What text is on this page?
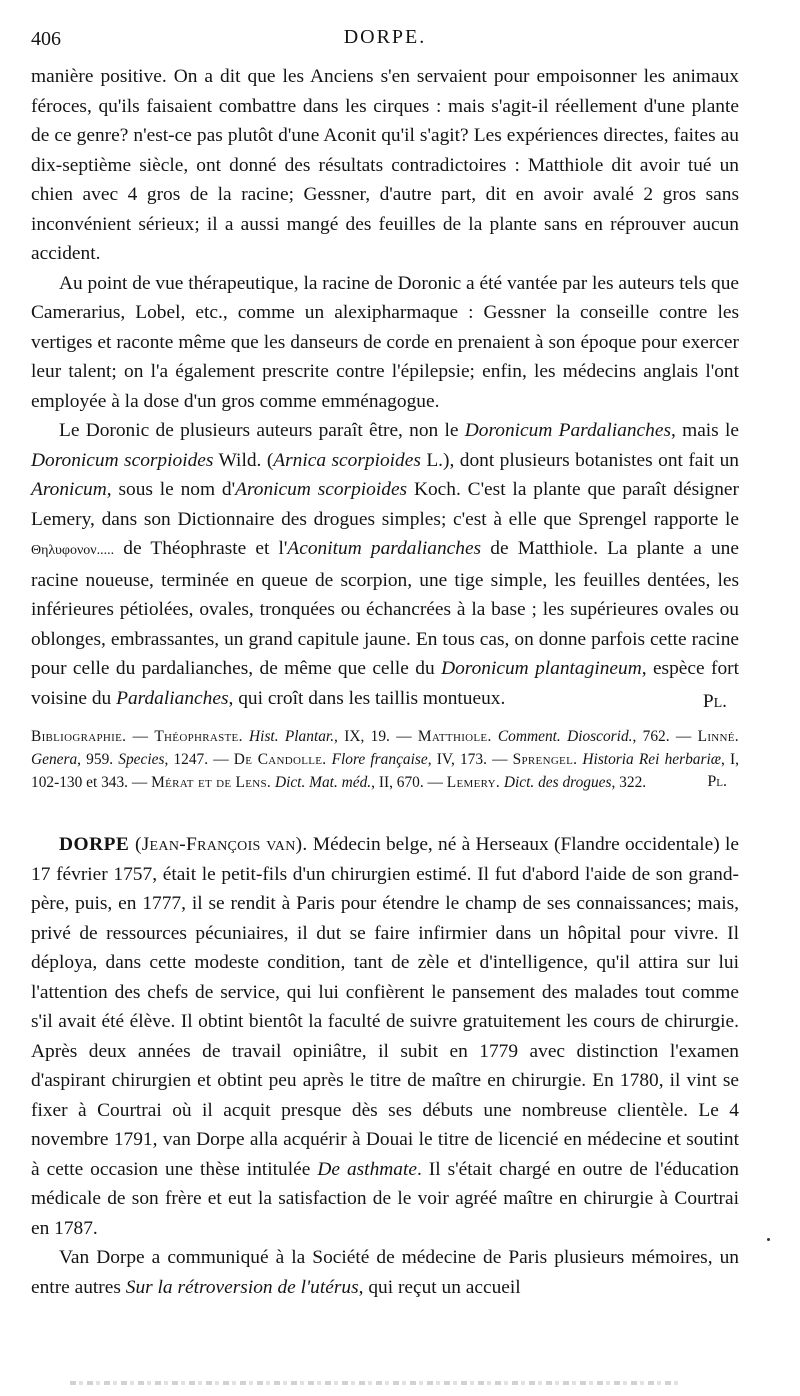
406	DORPE.

manière positive. On a dit que les Anciens s'en servaient pour empoisonner les animaux féroces, qu'ils faisaient combattre dans les cirques : mais s'agit-il réellement d'une plante de ce genre? n'est-ce pas plutôt d'une Aconit qu'il s'agit? Les expériences directes, faites au dix-septième siècle, ont donné des résultats contradictoires : Matthiole dit avoir tué un chien avec 4 gros de la racine; Gessner, d'autre part, dit en avoir avalé 2 gros sans inconvénient sérieux; il a aussi mangé des feuilles de la plante sans en réprouver aucun accident.

Au point de vue thérapeutique, la racine de Doronic a été vantée par les auteurs tels que Camerarius, Lobel, etc., comme un alexipharmaque : Gessner la conseille contre les vertiges et raconte même que les danseurs de corde en prenaient à son époque pour exercer leur talent; on l'a également prescrite contre l'épilepsie; enfin, les médecins anglais l'ont employée à la dose d'un gros comme emménagogue.

Le Doronic de plusieurs auteurs paraît être, non le Doronicum Pardalianches, mais le Doronicum scorpioides Wild. (Arnica scorpioides L.), dont plusieurs botanistes ont fait un Aronicum, sous le nom d'Aronicum scorpioides Koch. C'est la plante que paraît désigner Lemery, dans son Dictionnaire des drogues simples; c'est à elle que Sprengel rapporte le Θηλυφονον..... de Théophraste et l'Aconitum pardalianches de Matthiole. La plante a une racine noueuse, terminée en queue de scorpion, une tige simple, les feuilles dentées, les inférieures pétiolées, ovales, tronquées ou échancrées à la base ; les supérieures ovales ou oblonges, embrassantes, un grand capitule jaune. En tous cas, on donne parfois cette racine pour celle du pardalianches, de même que celle du Doronicum plantagineum, espèce fort voisine du Pardalianches, qui croît dans les taillis montueux.	Pl.
Bibliographie. — Théophraste. Hist. Plantar., IX, 19. — Matthiole. Comment. Dioscorid., 762. — Linné. Genera, 959. Species, 1247. — De Candolle. Flore française, IV, 173. — Sprengel. Historia Rei herbariæ, I, 102-130 et 343. — Mérat et de Lens. Dict. Mat. méd., II, 670. — Lemery. Dict. des drogues, 322.	Pl.

DORPE (Jean-François van). Médecin belge, né à Herseaux (Flandre occidentale) le 17 février 1757, était le petit-fils d'un chirurgien estimé. Il fut d'abord l'aide de son grand-père, puis, en 1777, il se rendit à Paris pour étendre le champ de ses connaissances; mais, privé de ressources pécuniaires, il dut se faire infirmier dans un hôpital pour vivre. Il déploya, dans cette modeste condition, tant de zèle et d'intelligence, qu'il attira sur lui l'attention des chefs de service, qui lui confièrent le pansement des malades tout comme s'il avait été élève. Il obtint bientôt la faculté de suivre gratuitement les cours de chirurgie. Après deux années de travail opiniâtre, il subit en 1779 avec distinction l'examen d'aspirant chirurgien et obtint peu après le titre de maître en chirurgie. En 1780, il vint se fixer à Courtrai où il acquit presque dès ses débuts une nombreuse clientèle. Le 4 novembre 1791, van Dorpe alla acquérir à Douai le titre de licencié en médecine et soutint à cette occasion une thèse intitulée De asthmate. Il s'était chargé en outre de l'éducation médicale de son frère et eut la satisfaction de le voir agréé maître en chirurgie à Courtrai en 1787.

Van Dorpe a communiqué à la Société de médecine de Paris plusieurs mémoires, un entre autres Sur la rétroversion de l'utérus, qui reçut un accueil
